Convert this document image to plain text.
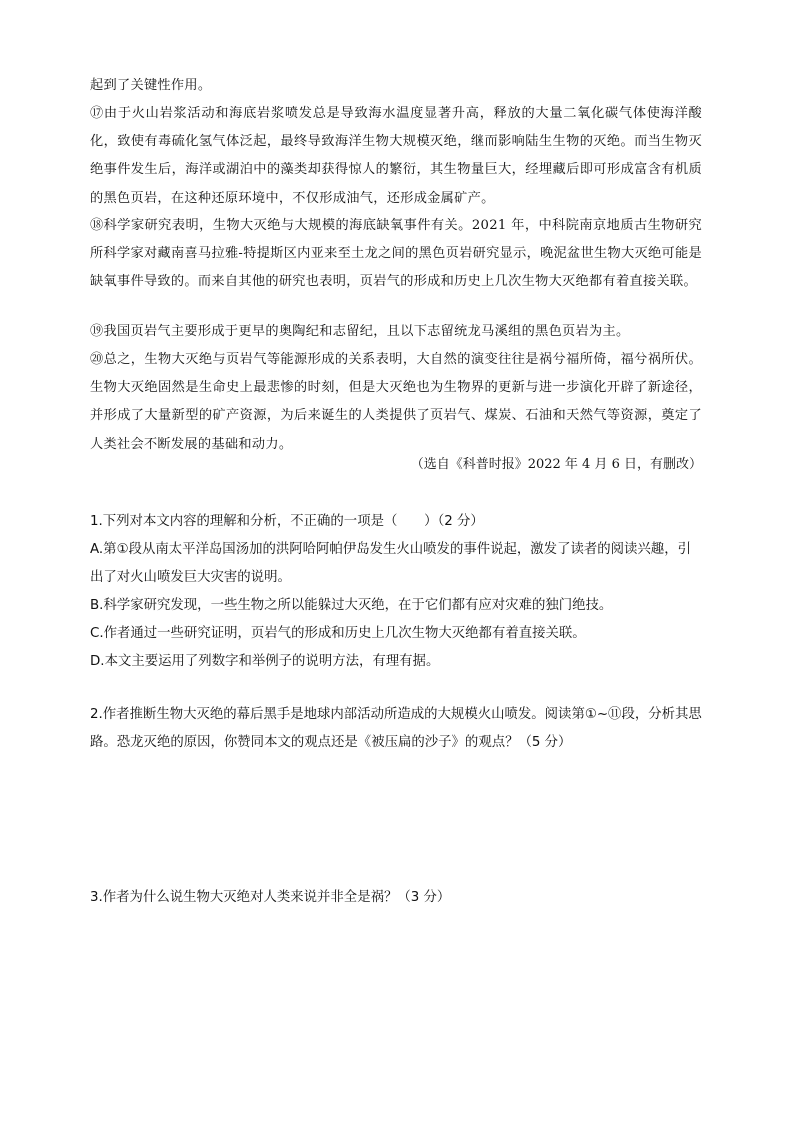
起到了关键性作用。

⑰由于火山岩浆活动和海底岩浆喷发总是导致海水温度显著升高，释放的大量二氧化碳气体使海洋酸化，致使有毒硫化氢气体泛起，最终导致海洋生物大规模灭绝，继而影响陆生生物的灭绝。而当生物灭绝事件发生后，海洋或湖泊中的藻类却获得惊人的繁衍，其生物量巨大，经埋藏后即可形成富含有机质的黑色页岩，在这种还原环境中，不仅形成油气，还形成金属矿产。

⑱科学家研究表明，生物大灭绝与大规模的海底缺氧事件有关。2021 年，中科院南京地质古生物研究所科学家对藏南喜马拉雅-特提斯区内亚来至土龙之间的黑色页岩研究显示，晚泥盆世生物大灭绝可能是缺氧事件导致的。而来自其他的研究也表明，页岩气的形成和历史上几次生物大灭绝都有着直接关联。

⑲我国页岩气主要形成于更早的奥陶纪和志留纪，且以下志留统龙马溪组的黑色页岩为主。

⑳总之，生物大灭绝与页岩气等能源形成的关系表明，大自然的演变往往是祸兮福所倚，福兮祸所伏。生物大灭绝固然是生命史上最悲惨的时刻，但是大灭绝也为生物界的更新与进一步演化开辟了新途径，并形成了大量新型的矿产资源，为后来诞生的人类提供了页岩气、煤炭、石油和天然气等资源，奠定了人类社会不断发展的基础和动力。

（选自《科普时报》2022 年 4 月 6 日，有删改）

1.下列对本文内容的理解和分析，不正确的一项是（　　）（2 分）

A.第①段从南太平洋岛国汤加的洪阿哈阿帕伊岛发生火山喷发的事件说起，激发了读者的阅读兴趣，引出了对火山喷发巨大灾害的说明。

B.科学家研究发现，一些生物之所以能躲过大灭绝，在于它们都有应对灾难的独门绝技。

C.作者通过一些研究证明，页岩气的形成和历史上几次生物大灭绝都有着直接关联。

D.本文主要运用了列数字和举例子的说明方法，有理有据。

2.作者推断生物大灭绝的幕后黑手是地球内部活动所造成的大规模火山喷发。阅读第①~⑪段，分析其思路。恐龙灭绝的原因，你赞同本文的观点还是《被压扁的沙子》的观点？（5 分）

3.作者为什么说生物大灭绝对人类来说并非全是祸？（3 分）
